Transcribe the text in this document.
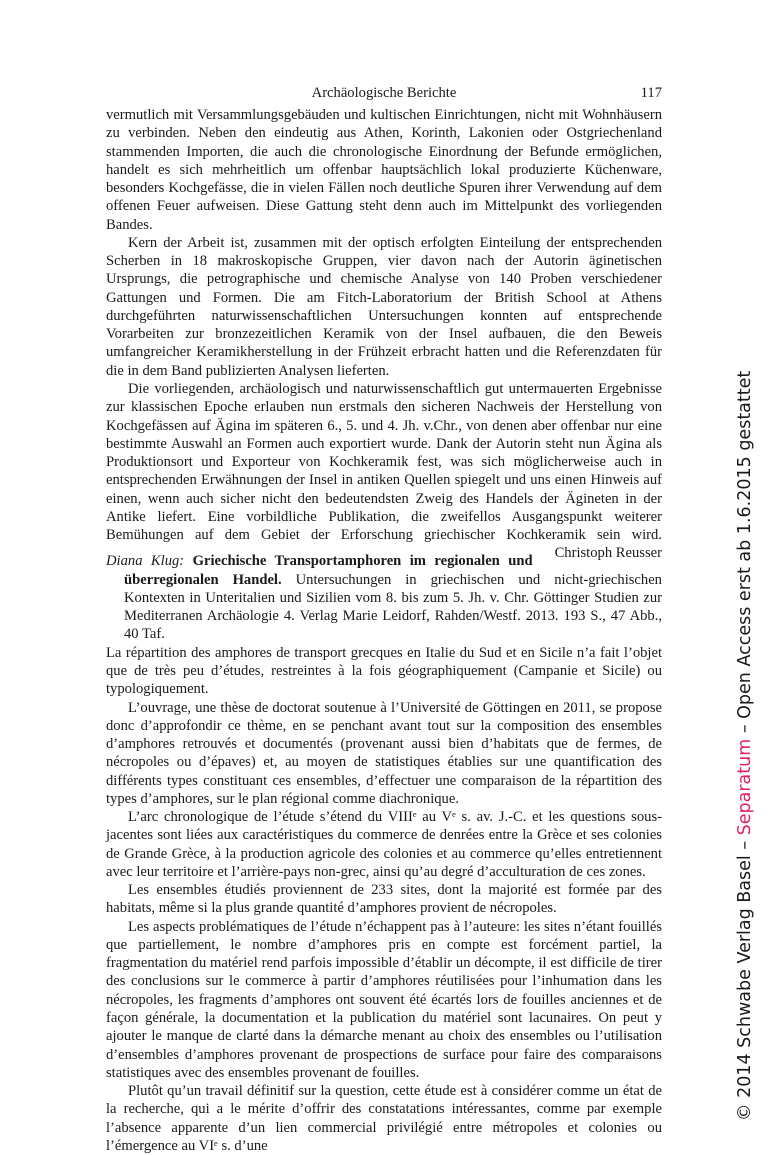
Archäologische Berichte	117

vermutlich mit Versammlungsgebäuden und kultischen Einrichtungen, nicht mit Wohnhäusern zu verbinden. Neben den eindeutig aus Athen, Korinth, Lakonien oder Ostgriechenland stammenden Importen, die auch die chronologische Einordnung der Befunde ermöglichen, handelt es sich mehrheitlich um offenbar hauptsächlich lokal produzierte Küchenware, besonders Kochgefässe, die in vielen Fällen noch deutliche Spuren ihrer Verwendung auf dem offenen Feuer aufweisen. Diese Gattung steht denn auch im Mittelpunkt des vorliegenden Bandes.

Kern der Arbeit ist, zusammen mit der optisch erfolgten Einteilung der entsprechenden Scherben in 18 makroskopische Gruppen, vier davon nach der Autorin äginetischen Ursprungs, die petrographische und chemische Analyse von 140 Proben verschiedener Gattungen und Formen. Die am Fitch-Laboratorium der British School at Athens durchgeführten naturwissenschaftlichen Untersuchungen konnten auf entsprechende Vorarbeiten zur bronzezeitlichen Keramik von der Insel aufbauen, die den Beweis umfangreicher Keramikherstellung in der Frühzeit erbracht hatten und die Referenzdaten für die in dem Band publizierten Analysen lieferten.

Die vorliegenden, archäologisch und naturwissenschaftlich gut untermauerten Ergebnisse zur klassischen Epoche erlauben nun erstmals den sicheren Nachweis der Herstellung von Kochgefässen auf Ägina im späteren 6., 5. und 4. Jh. v.Chr., von denen aber offenbar nur eine bestimmte Auswahl an Formen auch exportiert wurde. Dank der Autorin steht nun Ägina als Produktionsort und Exporteur von Kochkeramik fest, was sich möglicherweise auch in entsprechenden Erwähnungen der Insel in antiken Quellen spiegelt und uns einen Hinweis auf einen, wenn auch sicher nicht den bedeutendsten Zweig des Handels der Ägineten in der Antike liefert. Eine vorbildliche Publikation, die zweifellos Ausgangspunkt weiterer Bemühungen auf dem Gebiet der Erforschung griechischer Kochkeramik sein wird.
Christoph Reusser

Diana Klug: Griechische Transportamphoren im regionalen und überregionalen Handel. Untersuchungen in griechischen und nicht-griechischen Kontexten in Unteritalien und Sizilien vom 8. bis zum 5. Jh. v. Chr. Göttinger Studien zur Mediterranen Archäologie 4. Verlag Marie Leidorf, Rahden/Westf. 2013. 193 S., 47 Abb., 40 Taf.

La répartition des amphores de transport grecques en Italie du Sud et en Sicile n’a fait l’objet que de très peu d’études, restreintes à la fois géographiquement (Campanie et Sicile) ou typologiquement.

L’ouvrage, une thèse de doctorat soutenue à l’Université de Göttingen en 2011, se propose donc d’approfondir ce thème, en se penchant avant tout sur la composition des ensembles d’amphores retrouvés et documentés (provenant aussi bien d’habitats que de fermes, de nécropoles ou d’épaves) et, au moyen de statistiques établies sur une quantification des différents types constituant ces ensembles, d’effectuer une comparaison de la répartition des types d’amphores, sur le plan régional comme diachronique.

L’arc chronologique de l’étude s’étend du VIIIᵉ au Vᵉ s. av. J.-C. et les questions sous-jacentes sont liées aux caractéristiques du commerce de denrées entre la Grèce et ses colonies de Grande Grèce, à la production agricole des colonies et au commerce qu’elles entretiennent avec leur territoire et l’arrière-pays non-grec, ainsi qu’au degré d’acculturation de ces zones.

Les ensembles étudiés proviennent de 233 sites, dont la majorité est formée par des habitats, même si la plus grande quantité d’amphores provient de nécropoles.

Les aspects problématiques de l’étude n’échappent pas à l’auteure: les sites n’étant fouillés que partiellement, le nombre d’amphores pris en compte est forcément partiel, la fragmentation du matériel rend parfois impossible d’établir un décompte, il est difficile de tirer des conclusions sur le commerce à partir d’amphores réutilisées pour l’inhumation dans les nécropoles, les fragments d’amphores ont souvent été écartés lors de fouilles anciennes et de façon générale, la documentation et la publication du matériel sont lacunaires. On peut y ajouter le manque de clarté dans la démarche menant au choix des ensembles ou l’utilisation d’ensembles d’amphores provenant de prospections de surface pour faire des comparaisons statistiques avec des ensembles provenant de fouilles.

Plutôt qu’un travail définitif sur la question, cette étude est à considérer comme un état de la recherche, qui a le mérite d’offrir des constatations intéressantes, comme par exemple l’absence apparente d’un lien commercial privilégié entre métropoles et colonies ou l’émergence au VIᵉ s. d’une

© 2014 Schwabe Verlag Basel – Separatum – Open Access erst ab 1.6.2015 gestattet
